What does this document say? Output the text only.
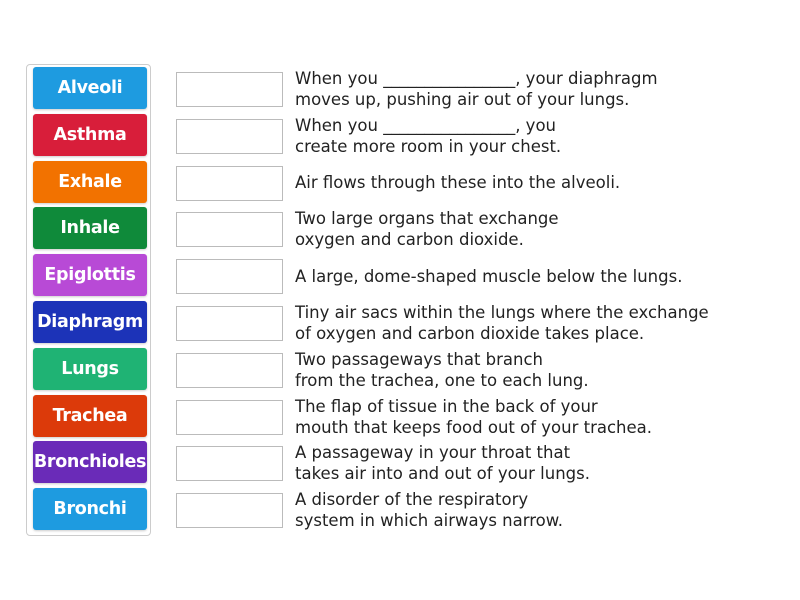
Alveoli
Asthma
Exhale
Inhale
Epiglottis
Diaphragm
Lungs
Trachea
Bronchioles
Bronchi
When you ________________, your diaphragm
moves up, pushing air out of your lungs.
When you ________________, you
create more room in your chest.
Air flows through these into the alveoli.
Two large organs that exchange
oxygen and carbon dioxide.
A large, dome-shaped muscle below the lungs.
Tiny air sacs within the lungs where the exchange
of oxygen and carbon dioxide takes place.
Two passageways that branch
from the trachea, one to each lung.
The flap of tissue in the back of your
mouth that keeps food out of your trachea.
A passageway in your throat that
takes air into and out of your lungs.
A disorder of the respiratory
system in which airways narrow.
